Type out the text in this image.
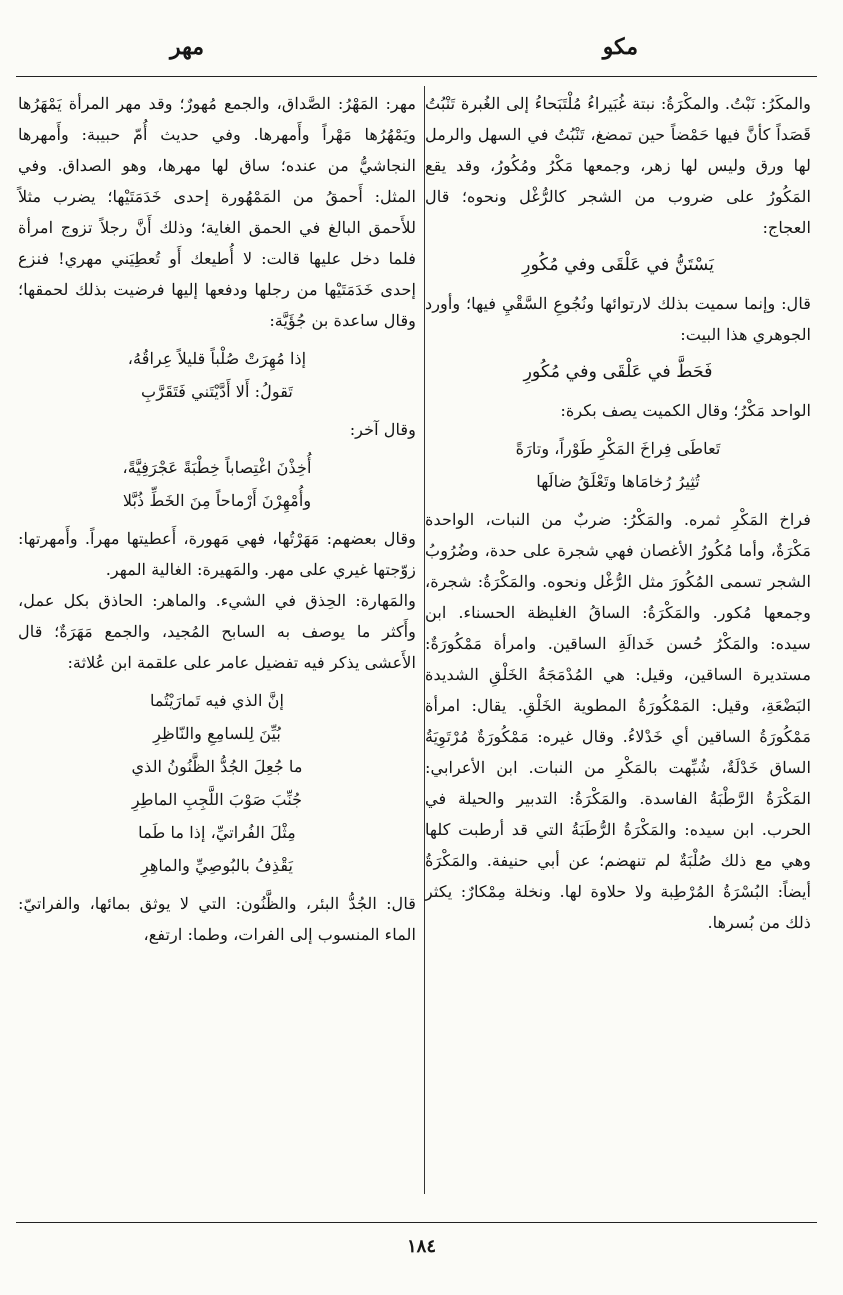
مكو
مهر

والمكَرُ: نَبْتُ. والمكْرَةُ: نبتة غُبَيراءُ مُلْتَبَحاءُ إلى الغُبرة تَنْبُتُ قَصَداً كأنَّ فيها حَمْضاً حين تمضغ، تَنْبُتُ في السهل والرمل لها ورق وليس لها زهر، وجمعها مَكْرُ ومُكُورُ، وقد يقع المَكُورُ على ضروب من الشجر كالرُّغْل ونحوه؛ قال العجاج:

يَسْتَنُّ في عَلْقَى وفي مُكُورِ

قال: وإنما سميت بذلك لارتوائها ونُجُوعِ السَّقْيِ فيها؛ وأورد الجوهري هذا البيت:

فَحَطَّ في عَلْقَى وفي مُكُورِ

الواحد مَكْرُ؛ وقال الكميت يصف بكرة:

تَعاطَى فِراخَ المَكْرِ طَوْراً، وتارَةً
تُثِيرُ رُخامَاها وتَعْلَقُ ضالَها

فراخ المَكْرِ ثمره. والمَكْرُ: ضربٌ من النبات، الواحدة مَكْرَةٌ، وأما مُكُورُ الأغصان فهي شجرة على حدة، وضُرُوبُ الشجر تسمى المُكُورَ مثل الرُّغْل ونحوه. والمَكْرَةُ: شجرة، وجمعها مُكور. والمَكْرَةُ: الساقُ الغليظة الحسناء. ابن سيده: والمَكْرُ حُسن خَدالَةِ الساقين. وامرأة مَمْكُورَةٌ: مستديرة الساقين، وقيل: هي المُدْمَجَةُ الخَلْقِ الشديدة البَضْعَةِ، وقيل: المَمْكُورَةُ المطوية الخَلْقِ. يقال: امرأة مَمْكُورَةُ الساقين أي خَدْلاءُ. وقال غيره: مَمْكُورَةٌ مُرْتَوِيَةُ الساق خَدْلَةٌ، شُبِّهت بالمَكْرِ من النبات. ابن الأعرابي: المَكْرَةُ الرَّطْبَةُ الفاسدة. والمَكْرَةُ: التدبير والحيلة في الحرب. ابن سيده: والمَكْرَةُ الرُّطَبَةُ التي قد أرطبت كلها وهي مع ذلك صُلْبَةٌ لم تنهضم؛ عن أبي حنيفة. والمَكْرَةُ أيضاً: البُسْرَةُ المُرْطِبة ولا حلاوة لها. ونخلة مِمْكارٌ: يكثر ذلك من بُسرها.

مهر: المَهْرُ: الصَّداق، والجمع مُهورٌ؛ وقد مهر المرأة يَمْهَرُها ويَمْهُرُها مَهْراً وأَمهرها. وفي حديث أُمّ حبيبة: وأَمهرها النجاشيُّ من عنده؛ ساق لها مهرها، وهو الصداق. وفي المثل: أَحمقُ من المَمْهُورة إحدى خَدَمَتَيْها؛ يضرب مثلاً للأَحمق البالغ في الحمق الغاية؛ وذلك أَنَّ رجلاً تزوج امرأة فلما دخل عليها قالت: لا أُطيعك أَو تُعطِيَني مهري! فنزع إحدى خَدَمَتَيْها من رجلها ودفعها إليها فرضيت بذلك لحمقها؛ وقال ساعدة بن جُؤَيَّة:

إذا مُهِرَتْ صُلْباً قليلاً عِراقُهُ،
تَقولُ: أَلا أَدَّيْتَني فَتَقَرَّبِ

وقال آخر:

أُخِذْنَ اغْتِصاباً خِطْبَةً عَجْرَفِيَّةً،
وأُمْهِرْنَ أَرْماحاً مِنَ الخَطِّ ذُبَّلا

وقال بعضهم: مَهَرْتُها، فهي مَهورة، أَعطيتها مهراً. وأَمهرتها: زوّجتها غيري على مهر. والمَهيرة: الغالية المهر.

والمَهارة: الحِذق في الشيء. والماهر: الحاذق بكل عمل، وأَكثر ما يوصف به السابح المُجيد، والجمع مَهَرَةٌ؛ قال الأَعشى يذكر فيه تفضيل عامر على علقمة ابن عُلاثة:

إنَّ الذي فيه تَمارَيْتُما
بُيِّنَ لِلسامِعِ والنّاظِرِ
ما جُعِلَ الجُدُّ الظَّنُونُ الذي
جُنِّبَ صَوْبَ اللَّجِبِ الماطِرِ
مِثْلَ الفُراتيِّ، إذا ما طَما
يَقْذِفُ بالبُوصِيِّ والماهِرِ

قال: الجُدُّ البئر، والظَّنُون: التي لا يوثق بمائها، والفراتيّ: الماء المنسوب إلى الفرات، وطما: ارتفع،

١٨٤
